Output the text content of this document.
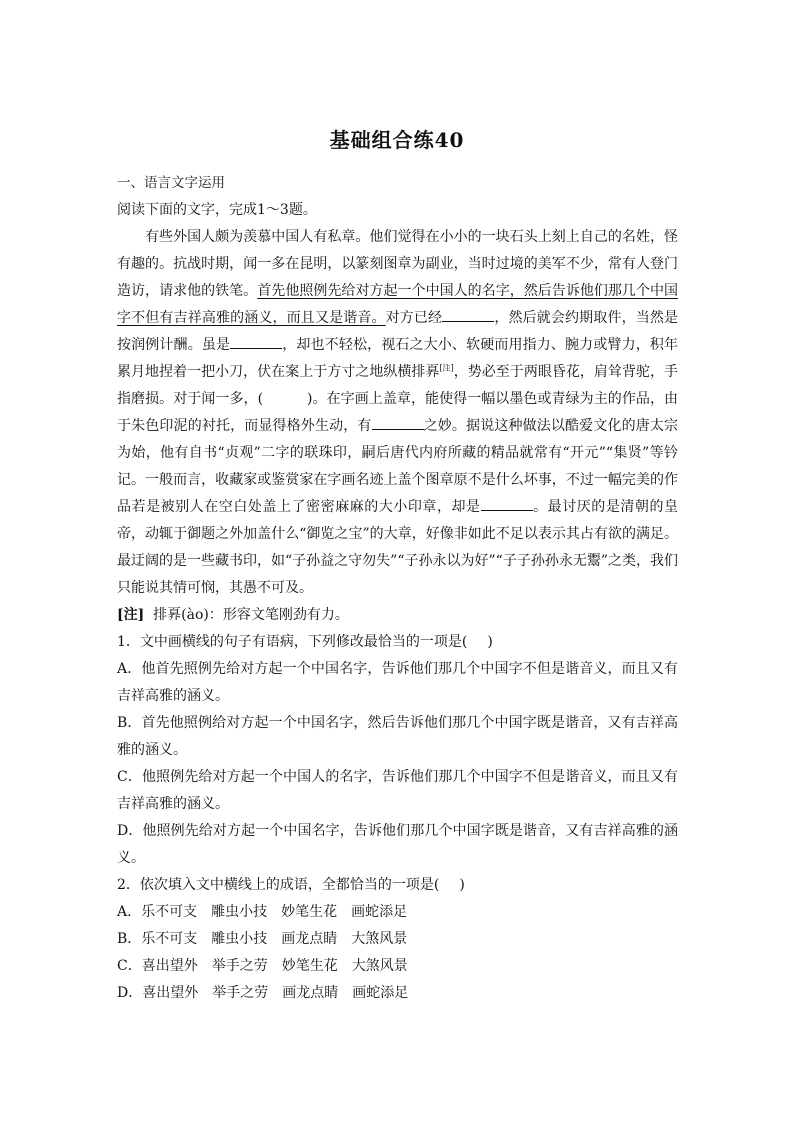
基础组合练40

一、语言文字运用

阅读下面的文字，完成1～3题。

有些外国人颇为羡慕中国人有私章。他们觉得在小小的一块石头上刻上自己的名姓，怪有趣的。抗战时期，闻一多在昆明，以篆刻图章为副业，当时过境的美军不少，常有人登门造访，请求他的铁笔。首先他照例先给对方起一个中国人的名字，然后告诉他们那几个中国字不但有吉祥高雅的涵义，而且又是谐音。对方已经	，然后就会约期取件，当然是按润例计酬。虽是	，却也不轻松，视石之大小、软硬而用指力、腕力或臂力，积年累月地捏着一把小刀，伏在案上于方寸之地纵横排奡[注]，势必至于两眼昏花，肩耸背驼，手指磨损。对于闻一多，(	)。在字画上盖章，能使得一幅以墨色或青绿为主的作品，由于朱色印泥的衬托，而显得格外生动，有	之妙。据说这种做法以酷爱文化的唐太宗为始，他有自书“贞观”二字的联珠印，嗣后唐代内府所藏的精品就常有“开元”“集贤”等钤记。一般而言，收藏家或鉴赏家在字画名迹上盖个图章原不是什么坏事，不过一幅完美的作品若是被别人在空白处盖上了密密麻麻的大小印章，却是	。最讨厌的是清朝的皇帝，动辄于御题之外加盖什么“御览之宝”的大章，好像非如此不足以表示其占有欲的满足。最迂阔的是一些藏书印，如“子孙益之守勿失”“子孙永以为好”“子子孙孙永无鬻”之类，我们只能说其情可悯，其愚不可及。

[注] 排奡(ào)：形容文笔刚劲有力。

1．文中画横线的句子有语病，下列修改最恰当的一项是( )

A．他首先照例先给对方起一个中国名字，告诉他们那几个中国字不但是谐音义，而且又有吉祥高雅的涵义。

B．首先他照例给对方起一个中国名字，然后告诉他们那几个中国字既是谐音，又有吉祥高雅的涵义。

C．他照例先给对方起一个中国人的名字，告诉他们那几个中国字不但是谐音义，而且又有吉祥高雅的涵义。

D．他照例先给对方起一个中国名字，告诉他们那几个中国字既是谐音，又有吉祥高雅的涵义。

2．依次填入文中横线上的成语，全都恰当的一项是( )

A．乐不可支 雕虫小技 妙笔生花 画蛇添足

B．乐不可支 雕虫小技 画龙点睛 大煞风景

C．喜出望外 举手之劳 妙笔生花 大煞风景

D．喜出望外 举手之劳 画龙点睛 画蛇添足
